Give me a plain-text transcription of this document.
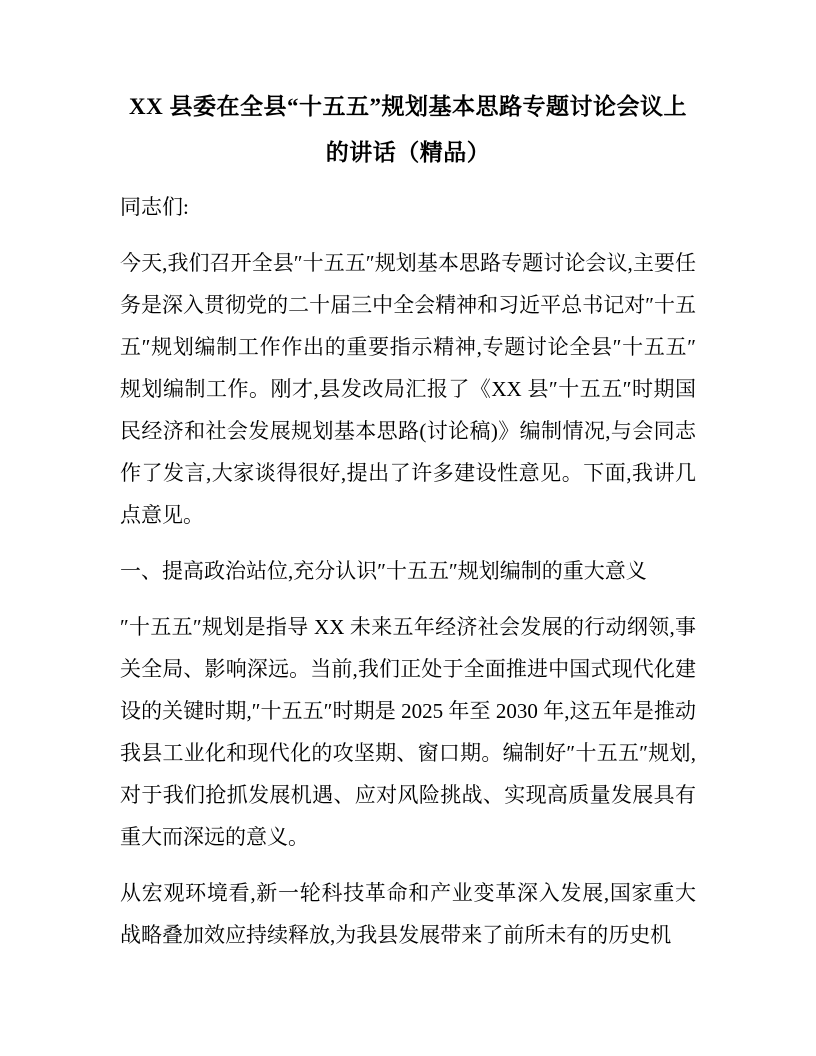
XX 县委在全县“十五五”规划基本思路专题讨论会议上的讲话（精品）

同志们:

今天,我们召开全县″十五五″规划基本思路专题讨论会议,主要任务是深入贯彻党的二十届三中全会精神和习近平总书记对″十五五″规划编制工作作出的重要指示精神,专题讨论全县″十五五″规划编制工作。刚才,县发改局汇报了《XX 县″十五五″时期国民经济和社会发展规划基本思路(讨论稿)》编制情况,与会同志作了发言,大家谈得很好,提出了许多建设性意见。下面,我讲几点意见。

一、提高政治站位,充分认识″十五五″规划编制的重大意义

″十五五″规划是指导 XX 未来五年经济社会发展的行动纲领,事关全局、影响深远。当前,我们正处于全面推进中国式现代化建设的关键时期,″十五五″时期是 2025 年至 2030 年,这五年是推动我县工业化和现代化的攻坚期、窗口期。编制好″十五五″规划,对于我们抢抓发展机遇、应对风险挑战、实现高质量发展具有重大而深远的意义。

从宏观环境看,新一轮科技革命和产业变革深入发展,国家重大战略叠加效应持续释放,为我县发展带来了前所未有的历史机
